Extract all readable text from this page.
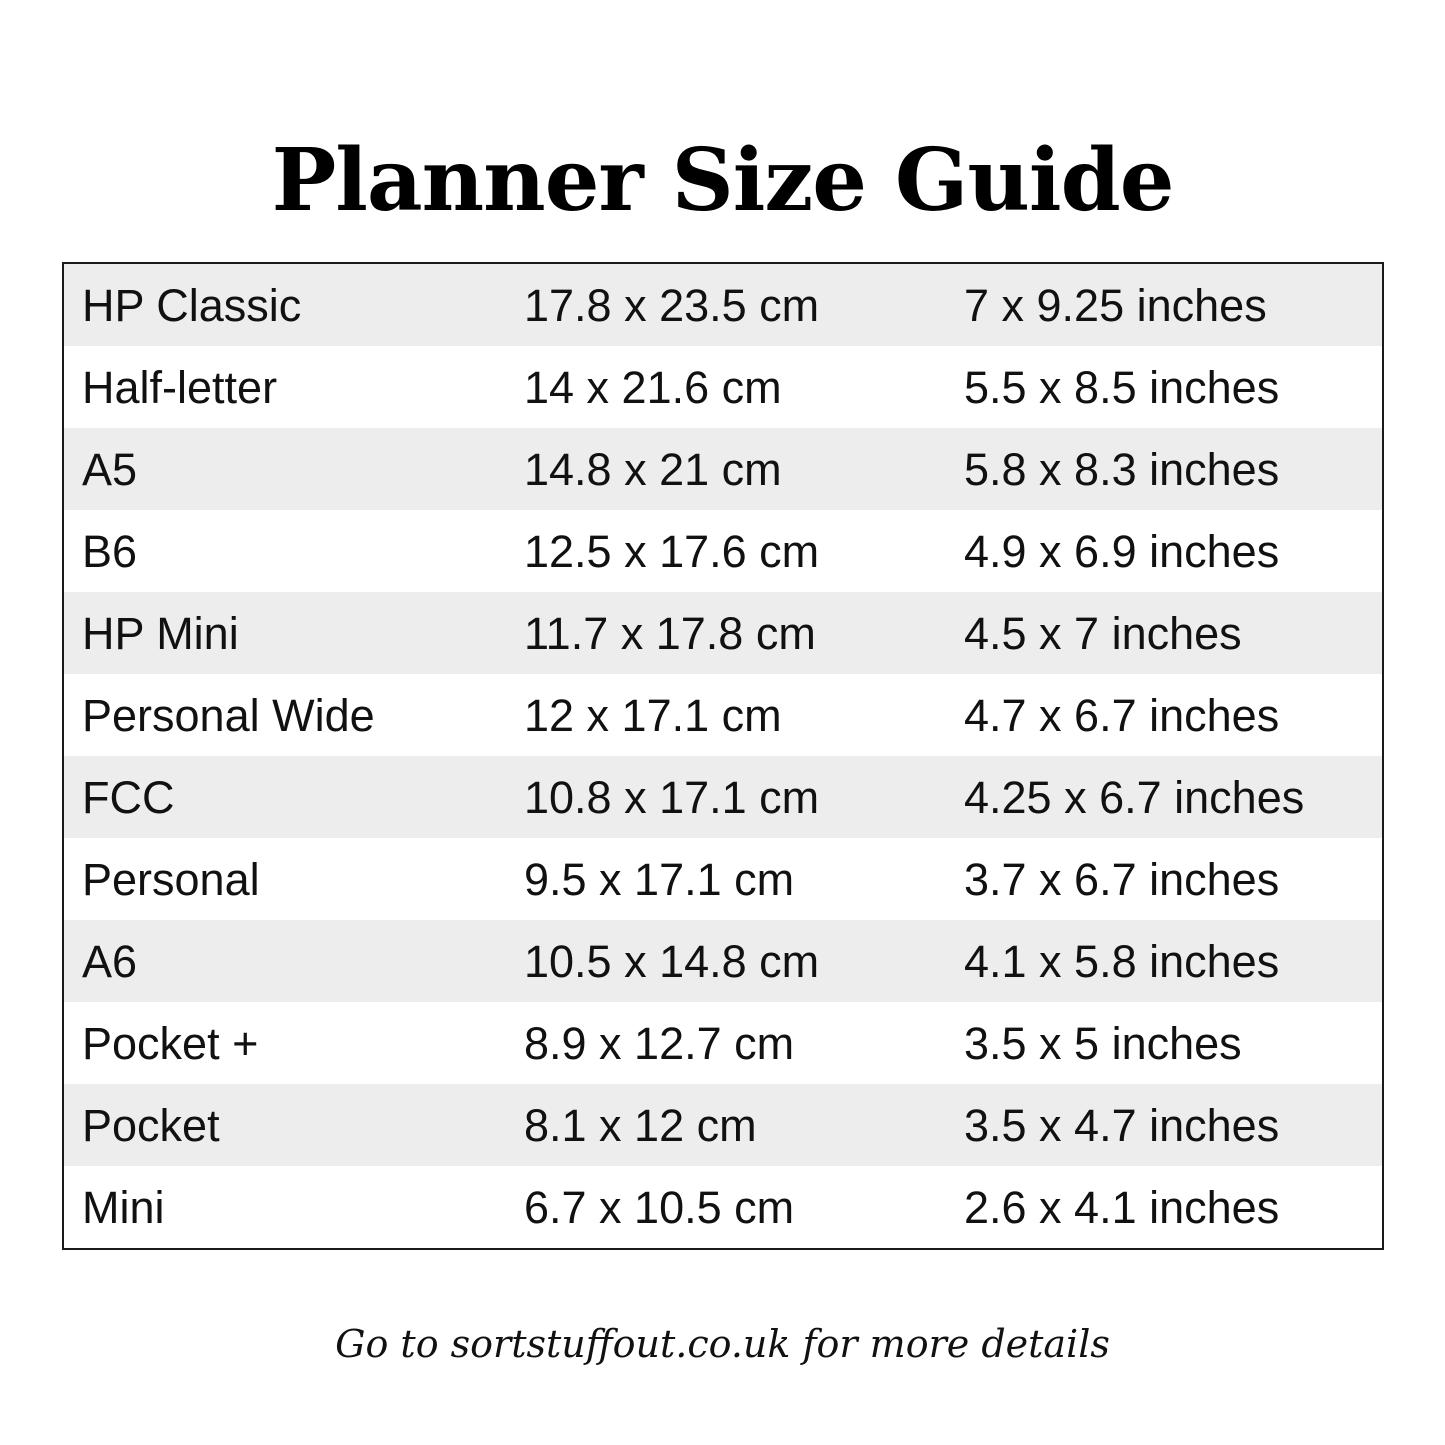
Planner Size Guide
HP Classic	17.8 x 23.5 cm	7 x 9.25 inches
Half-letter	14 x 21.6 cm	5.5 x 8.5 inches
A5	14.8 x 21 cm	5.8 x 8.3 inches
B6	12.5 x 17.6 cm	4.9 x 6.9 inches
HP Mini	11.7 x 17.8 cm	4.5 x 7 inches
Personal Wide	12 x 17.1 cm	4.7 x 6.7 inches
FCC	10.8 x 17.1 cm	4.25 x 6.7 inches
Personal	9.5 x 17.1 cm	3.7 x 6.7 inches
A6	10.5 x 14.8 cm	4.1 x 5.8 inches
Pocket +	8.9 x 12.7 cm	3.5 x 5 inches
Pocket	8.1 x 12 cm	3.5 x 4.7 inches
Mini	6.7 x 10.5 cm	2.6 x 4.1 inches
Go to sortstuffout.co.uk for more details
